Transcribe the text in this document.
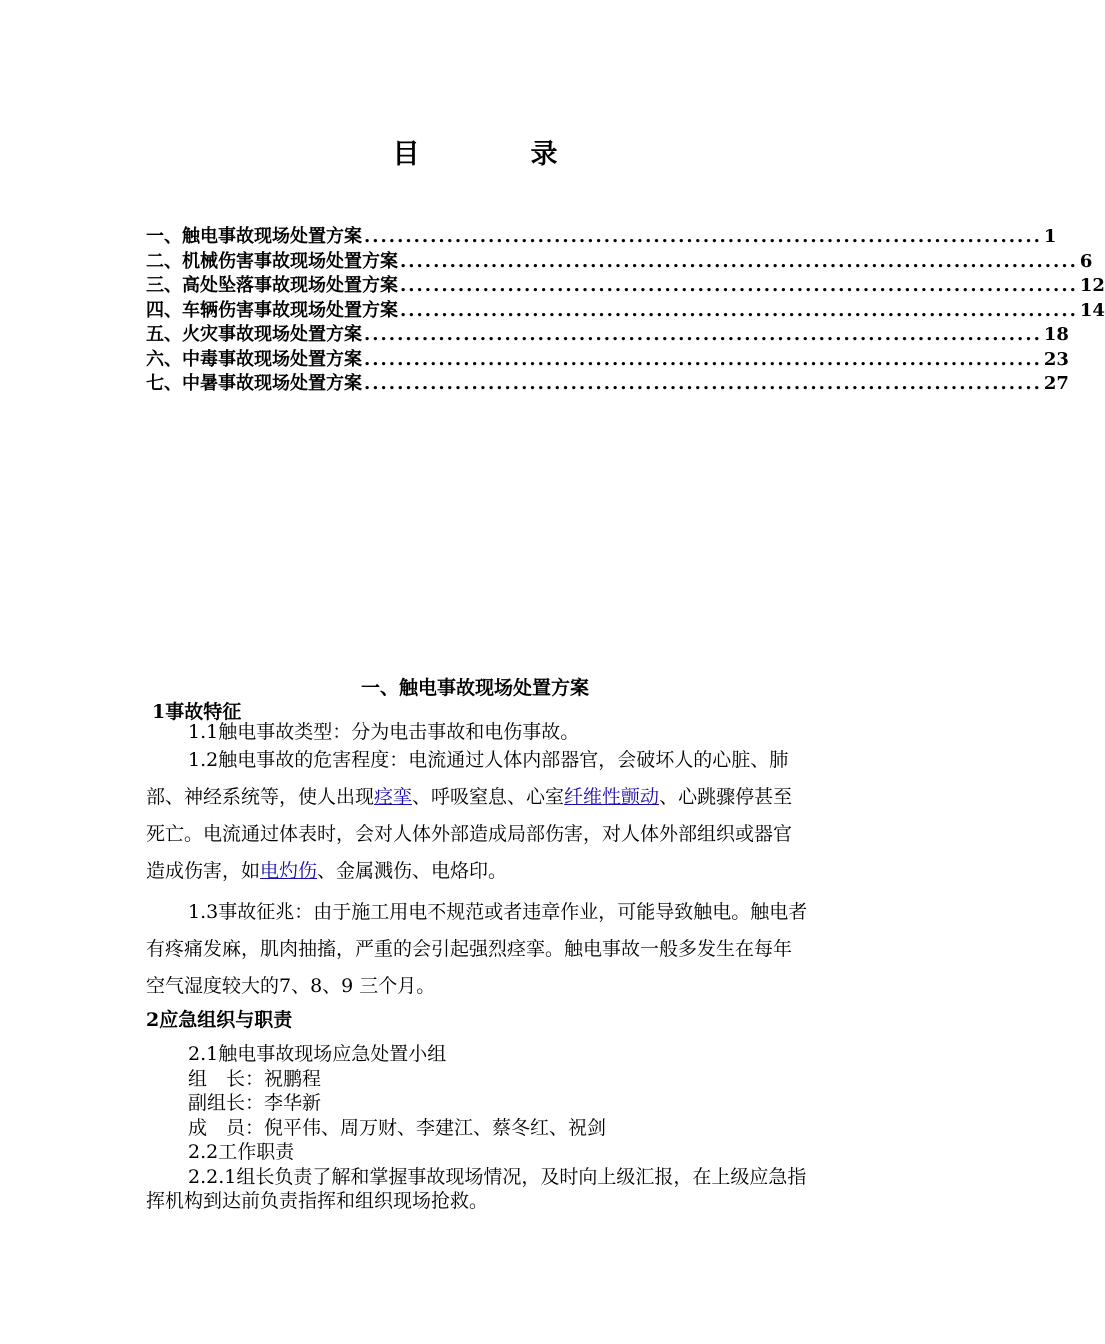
目　录
一、触电事故现场处置方案 .................................................................................. 1
二、机械伤害事故现场处置方案 .................................................................................. 6
三、高处坠落事故现场处置方案 .................................................................................. 12
四、车辆伤害事故现场处置方案 .................................................................................. 14
五、火灾事故现场处置方案 .................................................................................. 18
六、中毒事故现场处置方案 .................................................................................. 23
七、中暑事故现场处置方案 .................................................................................. 27
一、触电事故现场处置方案
1事故特征
1.1触电事故类型：分为电击事故和电伤事故。
1.2触电事故的危害程度：电流通过人体内部器官，会破坏人的心脏、肺部、神经系统等，使人出现痉挛、呼吸窒息、心室纤维性颤动、心跳骤停甚至死亡。电流通过体表时，会对人体外部造成局部伤害，对人体外部组织或器官造成伤害，如电灼伤、金属溅伤、电烙印。
1.3事故征兆：由于施工用电不规范或者违章作业，可能导致触电。触电者有疼痛发麻，肌肉抽搐，严重的会引起强烈痉挛。触电事故一般多发生在每年空气湿度较大的7、8、9 三个月。
2应急组织与职责
2.1触电事故现场应急处置小组
组　长：祝鹏程
副组长：李华新
成　员：倪平伟、周万财、李建江、蔡冬红、祝剑
2.2工作职责
2.2.1组长负责了解和掌握事故现场情况，及时向上级汇报，在上级应急指挥机构到达前负责指挥和组织现场抢救。
